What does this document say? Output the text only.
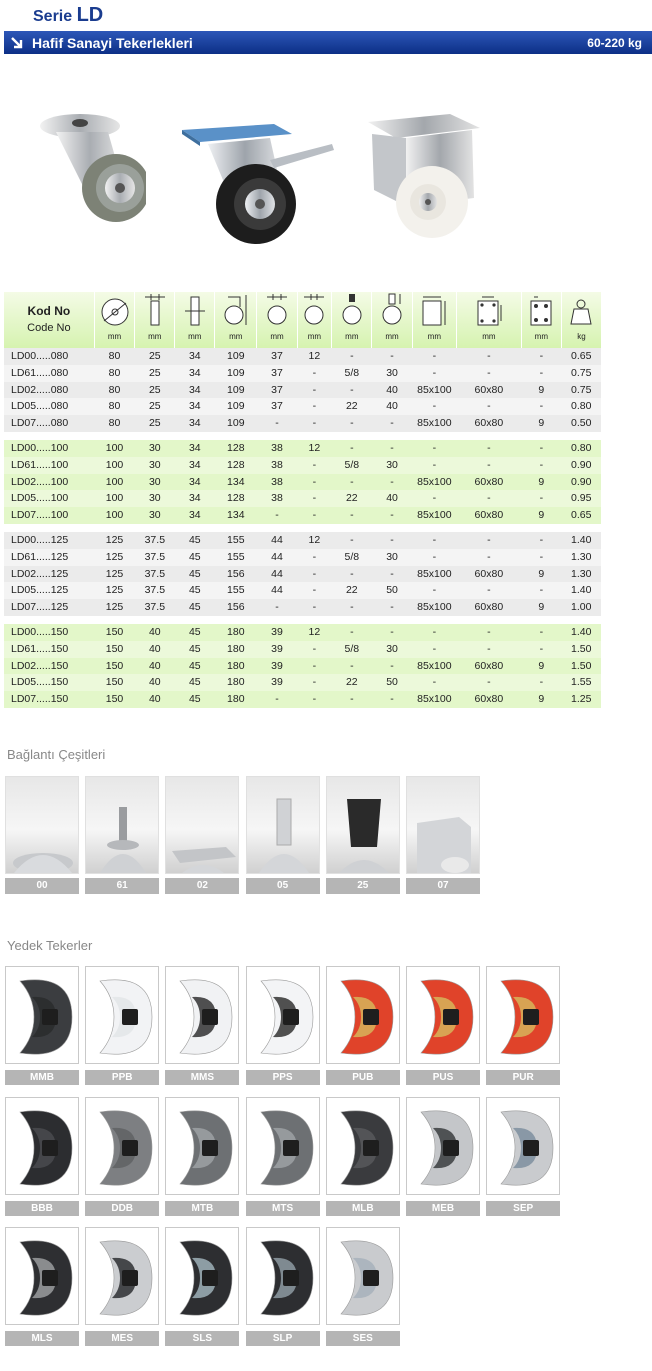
Serie LD
Hafif Sanayi Tekerlekleri	60-220 kg
Kod No
Code No	mm	mm	mm	mm	mm	mm	mm	mm	mm	mm	mm	kg

LD00.....080	80	25	34	109	37	12	-	-	-	-	-	0.65
LD61.....080	80	25	34	109	37	-	5/8	30	-	-	-	0.75
LD02.....080	80	25	34	109	37	-	-	40	85x100	60x80	9	0.75
LD05.....080	80	25	34	109	37	-	22	40	-	-	-	0.80
LD07.....080	80	25	34	109	-	-	-	-	85x100	60x80	9	0.50

LD00.....100	100	30	34	128	38	12	-	-	-	-	-	0.80
LD61.....100	100	30	34	128	38	-	5/8	30	-	-	-	0.90
LD02.....100	100	30	34	134	38	-	-	-	85x100	60x80	9	0.90
LD05.....100	100	30	34	128	38	-	22	40	-	-	-	0.95
LD07.....100	100	30	34	134	-	-	-	-	85x100	60x80	9	0.65

LD00.....125	125	37.5	45	155	44	12	-	-	-	-	-	1.40
LD61.....125	125	37.5	45	155	44	-	5/8	30	-	-	-	1.30
LD02.....125	125	37.5	45	156	44	-	-	-	85x100	60x80	9	1.30
LD05.....125	125	37.5	45	155	44	-	22	50	-	-	-	1.40
LD07.....125	125	37.5	45	156	-	-	-	-	85x100	60x80	9	1.00

LD00.....150	150	40	45	180	39	12	-	-	-	-	-	1.40
LD61.....150	150	40	45	180	39	-	5/8	30	-	-	-	1.50
LD02.....150	150	40	45	180	39	-	-	-	85x100	60x80	9	1.50
LD05.....150	150	40	45	180	39	-	22	50	-	-	-	1.55
LD07.....150	150	40	45	180	-	-	-	-	85x100	60x80	9	1.25
Bağlantı Çeşitleri
00	61	02	05	25	07
Yedek Tekerler
MMB	PPB	MMS	PPS	PUB	PUS	PUR
BBB	DDB	MTB	MTS	MLB	MEB	SEP
MLS	MES	SLS	SLP	SES
